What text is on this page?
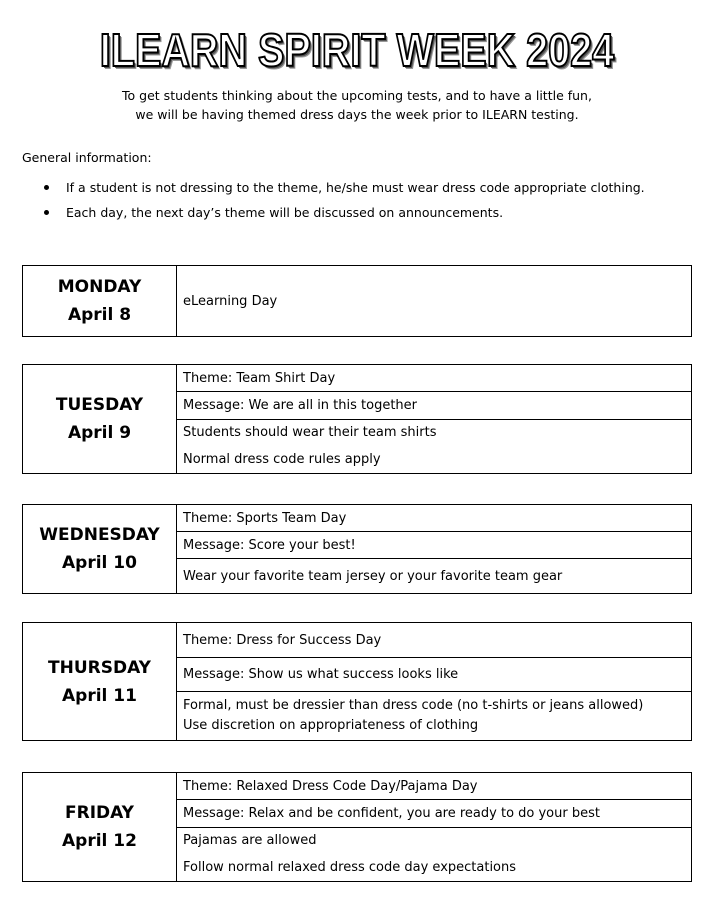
ILEARN SPIRIT WEEK 2024
To get students thinking about the upcoming tests, and to have a little fun,
we will be having themed dress days the week prior to ILEARN testing.
General information:
If a student is not dressing to the theme, he/she must wear dress code appropriate clothing.
Each day, the next day’s theme will be discussed on announcements.
MONDAY
April 8
eLearning Day
TUESDAY
April 9
Theme: Team Shirt Day
Message: We are all in this together
Students should wear their team shirts
Normal dress code rules apply
WEDNESDAY
April 10
Theme: Sports Team Day
Message: Score your best!
Wear your favorite team jersey or your favorite team gear
THURSDAY
April 11
Theme: Dress for Success Day
Message: Show us what success looks like
Formal, must be dressier than dress code (no t-shirts or jeans allowed)
Use discretion on appropriateness of clothing
FRIDAY
April 12
Theme: Relaxed Dress Code Day/Pajama Day
Message: Relax and be confident, you are ready to do your best
Pajamas are allowed
Follow normal relaxed dress code day expectations
